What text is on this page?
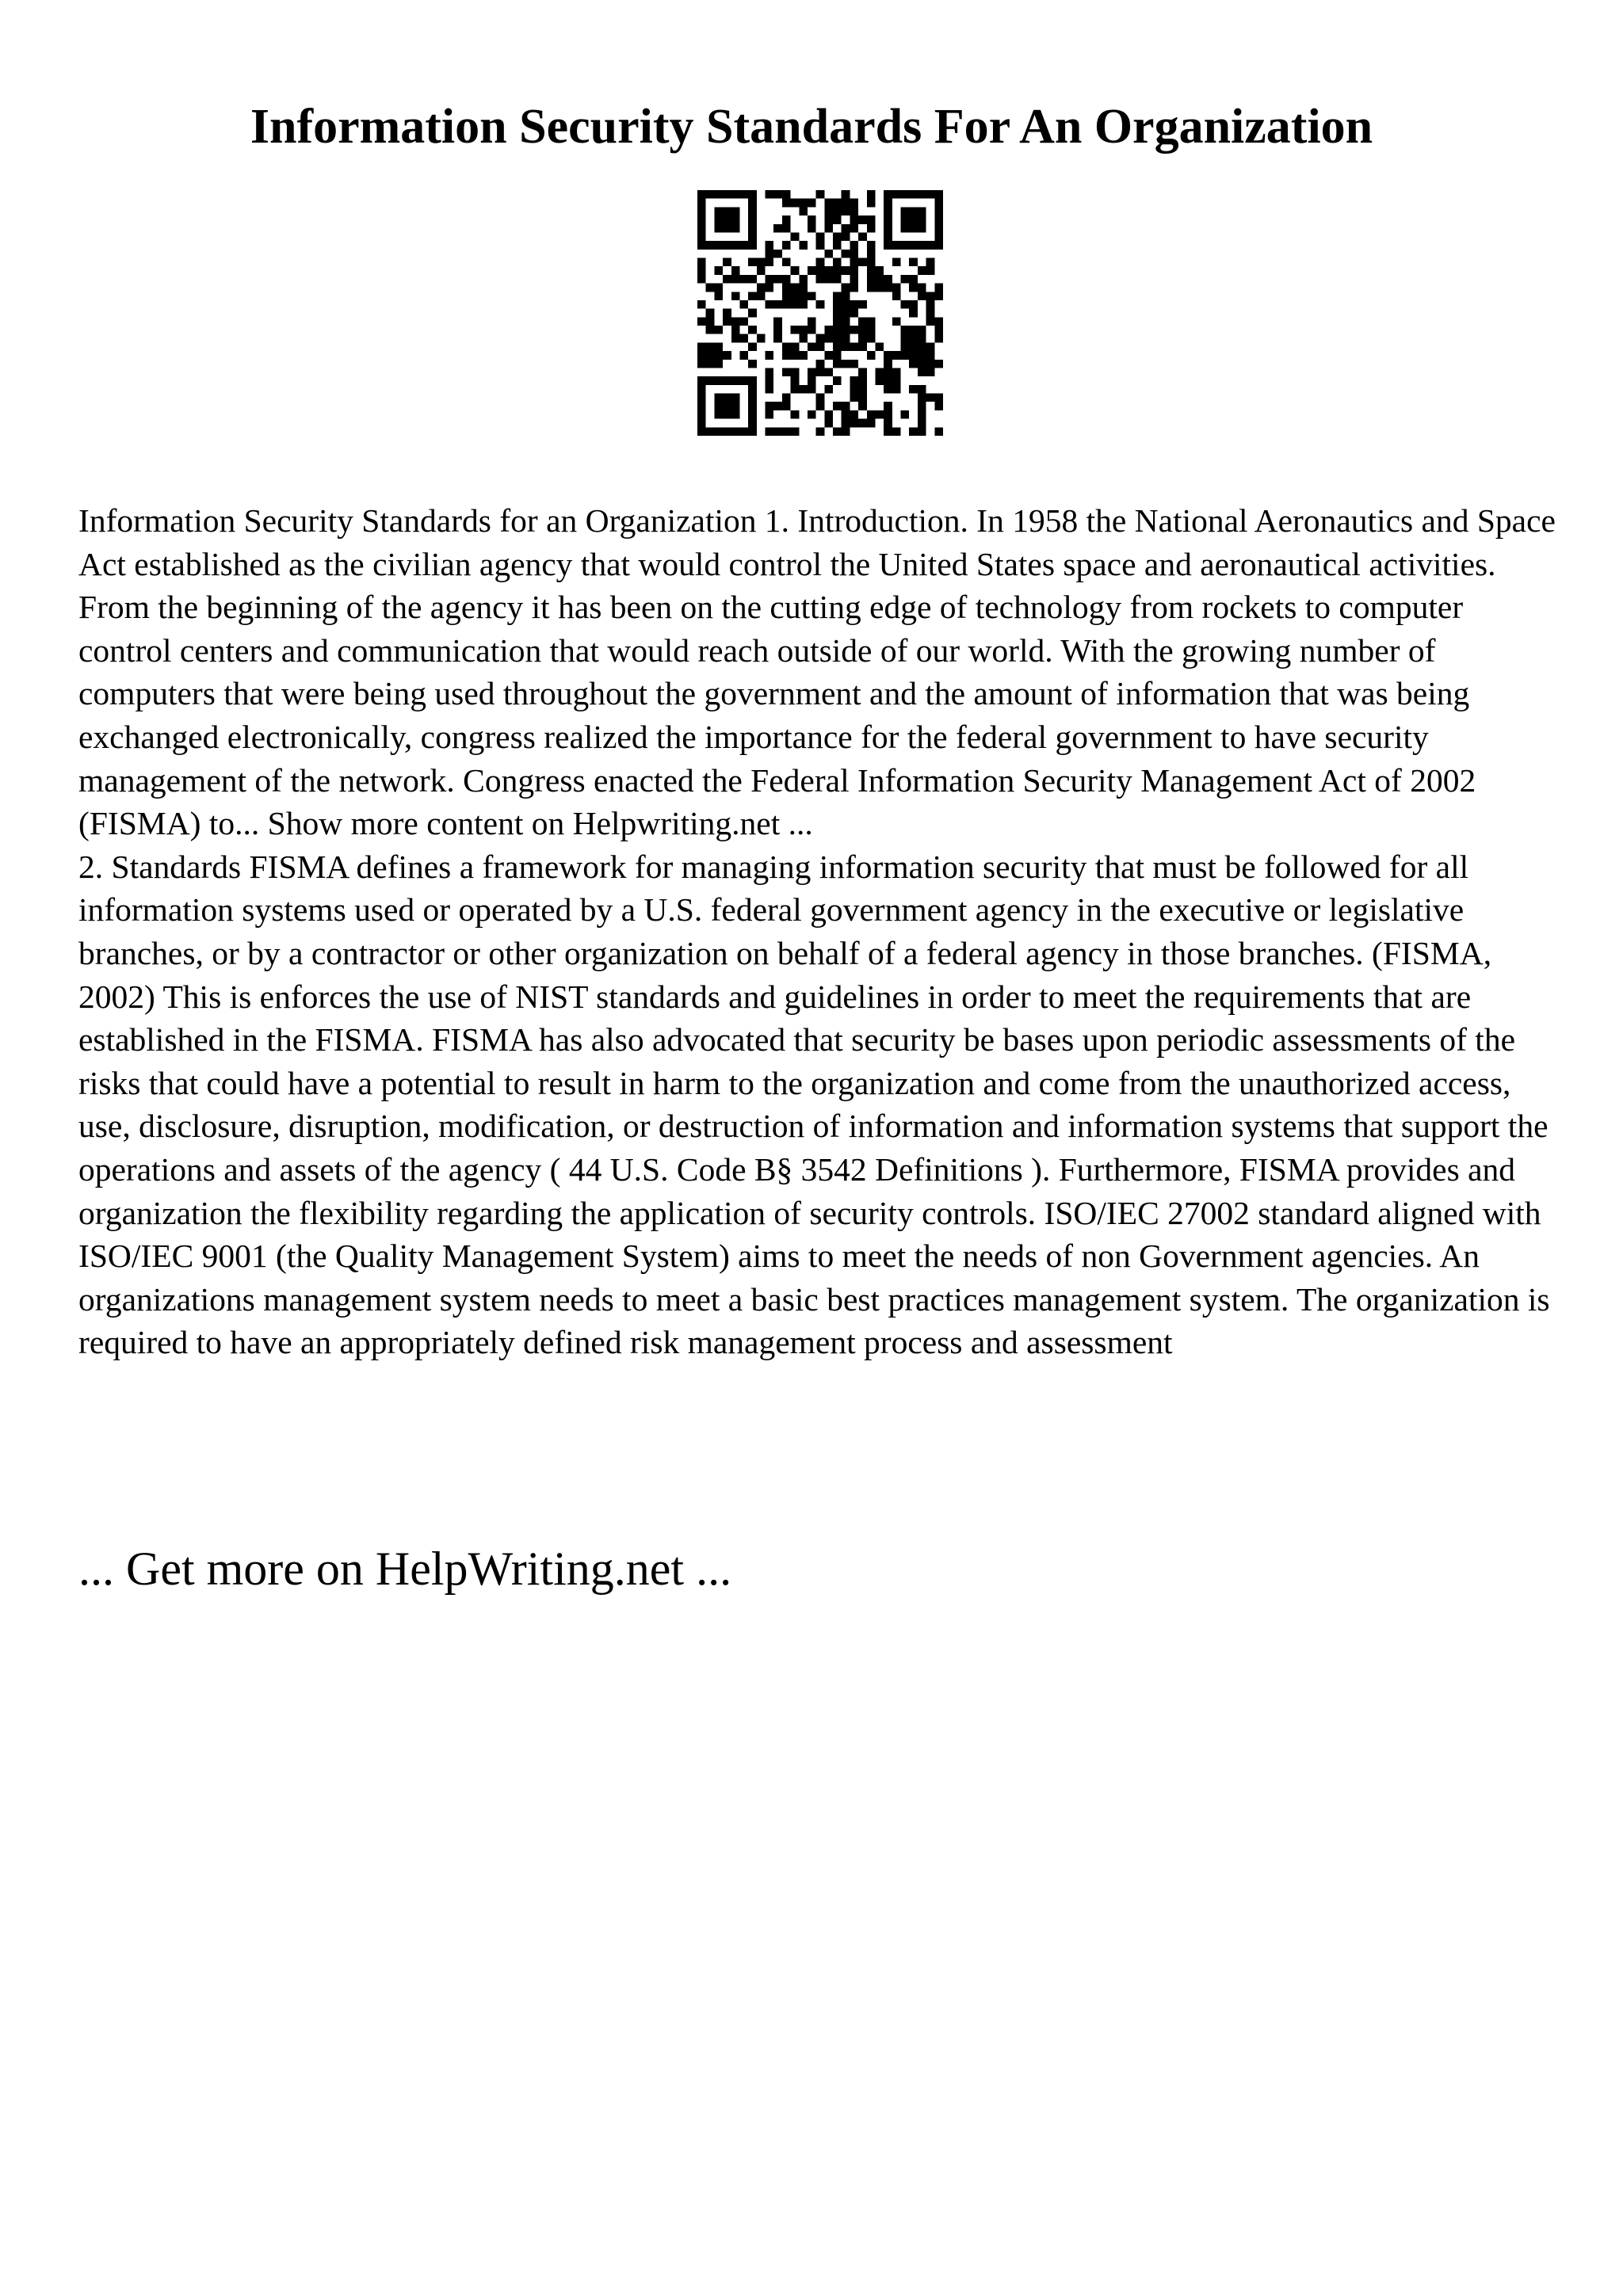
Information Security Standards For An Organization

Information Security Standards for an Organization 1. Introduction. In 1958 the National Aeronautics and Space Act established as the civilian agency that would control the United States space and aeronautical activities. From the beginning of the agency it has been on the cutting edge of technology from rockets to computer control centers and communication that would reach outside of our world. With the growing number of computers that were being used throughout the government and the amount of information that was being exchanged electronically, congress realized the importance for the federal government to have security management of the network. Congress enacted the Federal Information Security Management Act of 2002 (FISMA) to... Show more content on Helpwriting.net ...

2. Standards FISMA defines a framework for managing information security that must be followed for all information systems used or operated by a U.S. federal government agency in the executive or legislative branches, or by a contractor or other organization on behalf of a federal agency in those branches. (FISMA, 2002) This is enforces the use of NIST standards and guidelines in order to meet the requirements that are established in the FISMA. FISMA has also advocated that security be bases upon periodic assessments of the risks that could have a potential to result in harm to the organization and come from the unauthorized access, use, disclosure, disruption, modification, or destruction of information and information systems that support the operations and assets of the agency ( 44 U.S. Code B§ 3542 Definitions ). Furthermore, FISMA provides and organization the flexibility regarding the application of security controls. ISO/IEC 27002 standard aligned with ISO/IEC 9001 (the Quality Management System) aims to meet the needs of non Government agencies. An organizations management system needs to meet a basic best practices management system. The organization is required to have an appropriately defined risk management process and assessment

... Get more on HelpWriting.net ...
